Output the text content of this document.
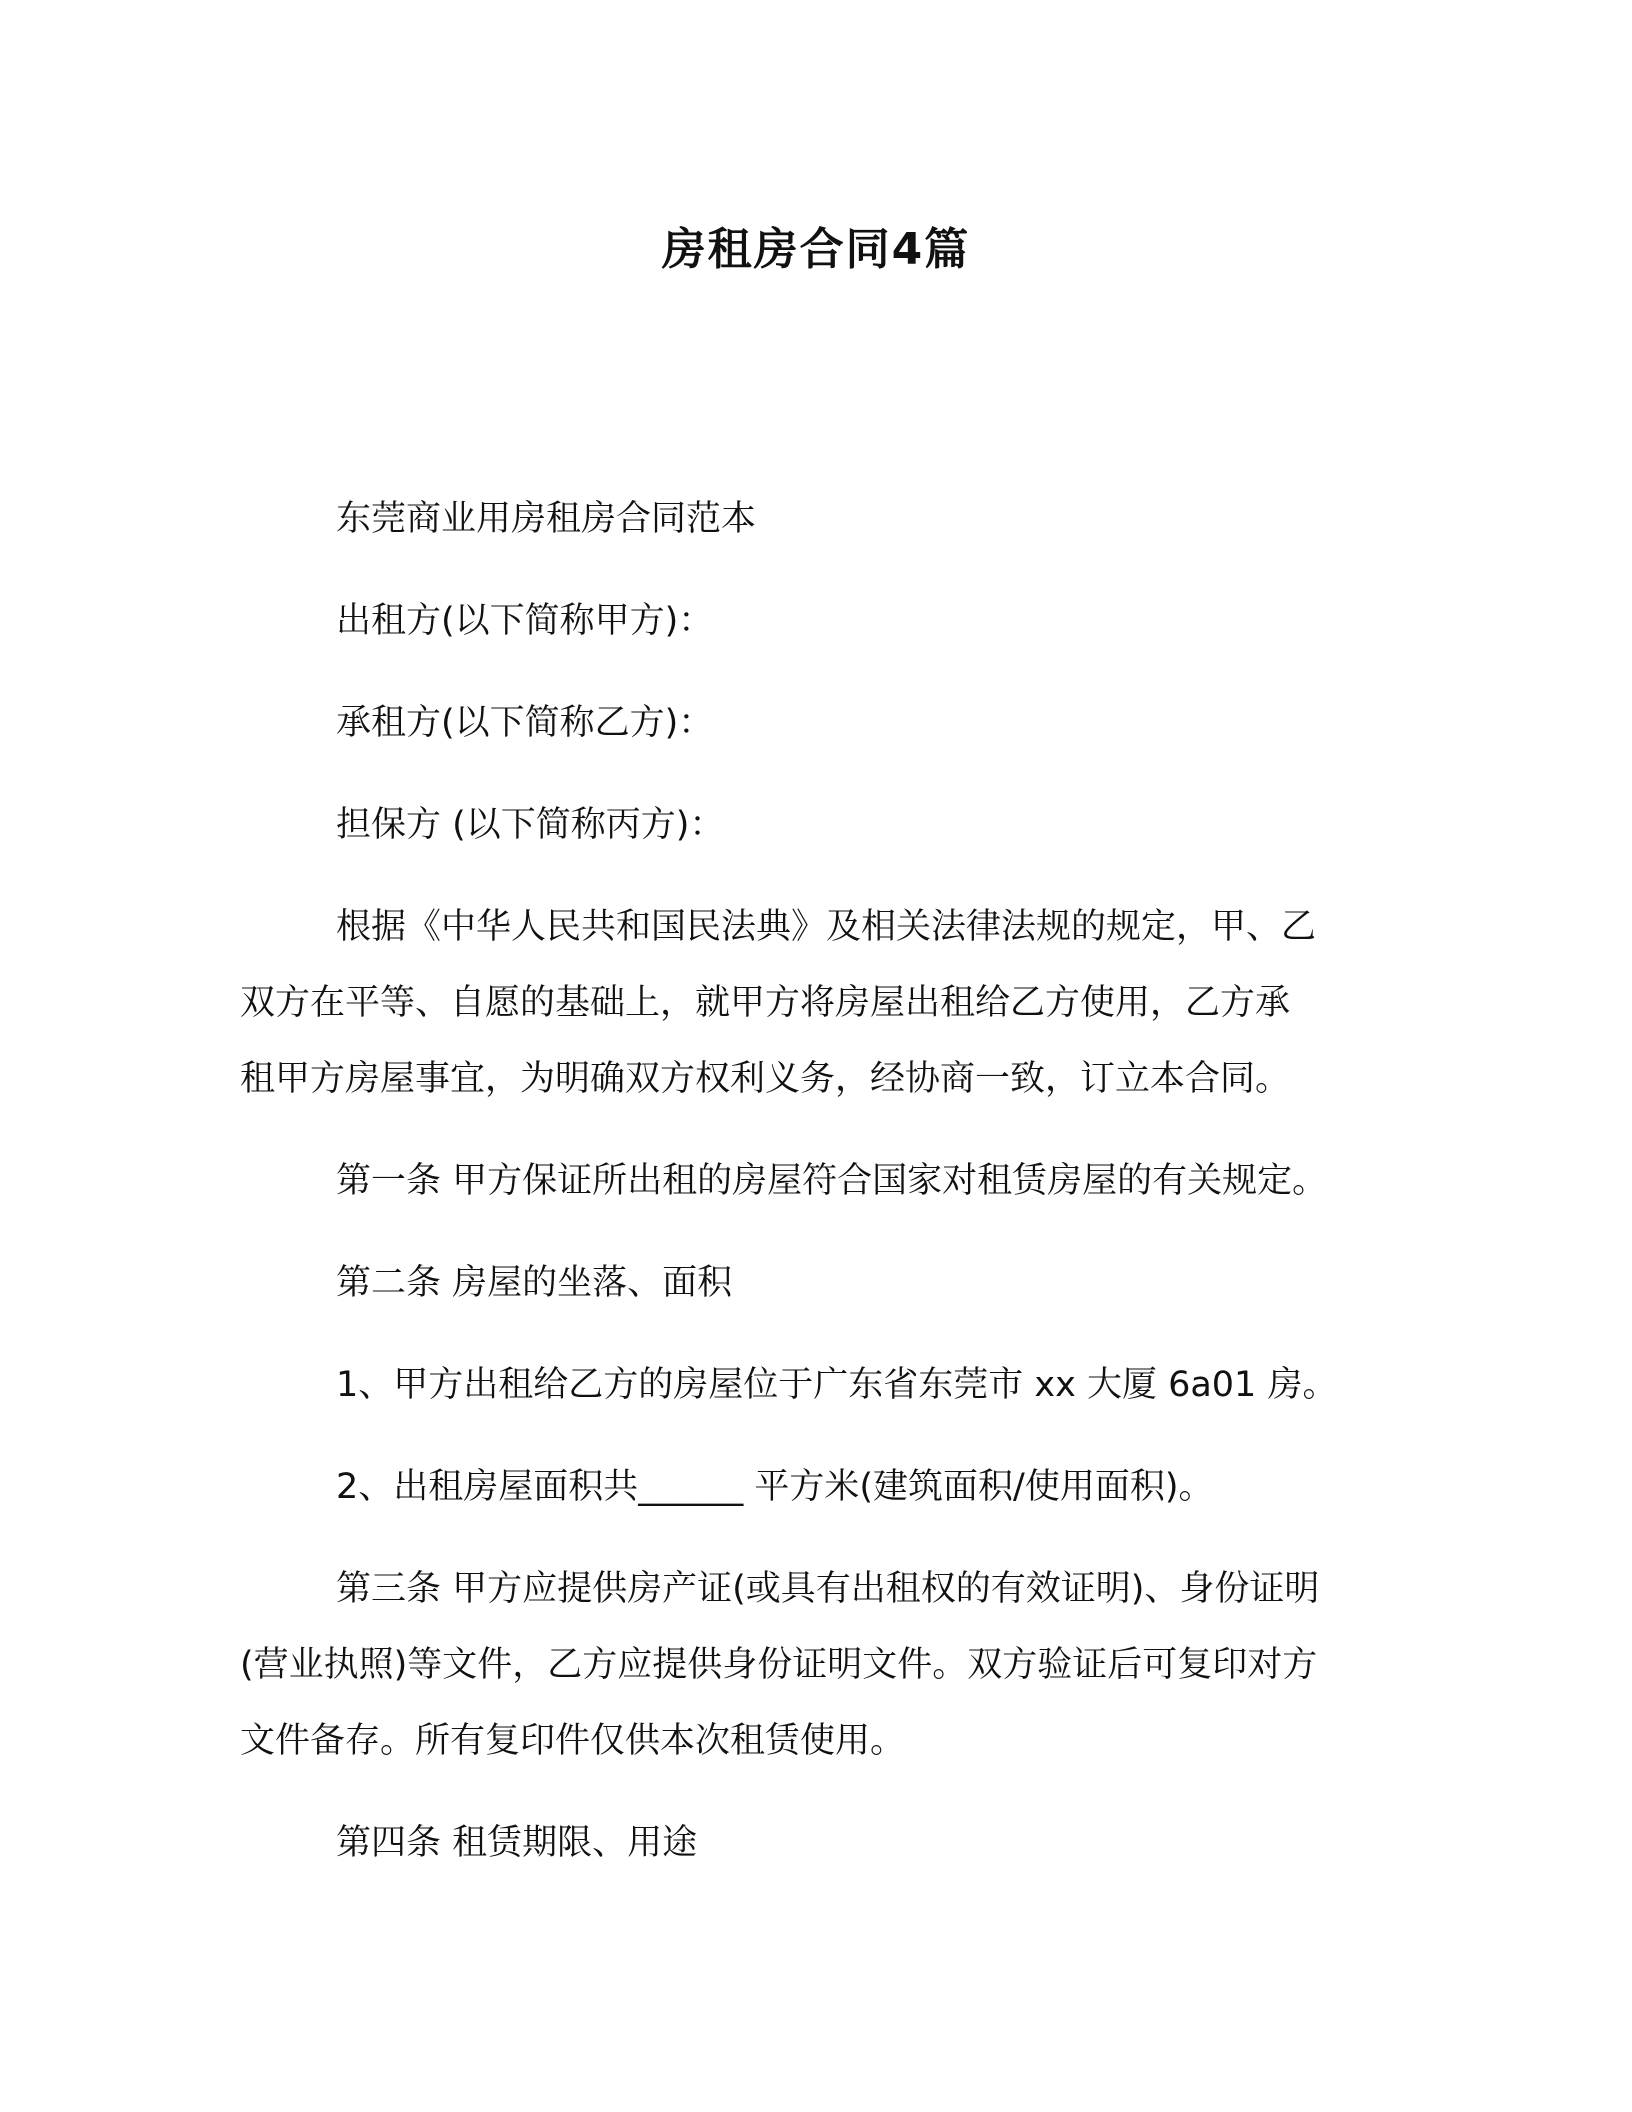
房租房合同4篇

东莞商业用房租房合同范本

出租方(以下简称甲方)：

承租方(以下简称乙方)：

担保方 (以下简称丙方)：

根据《中华人民共和国民法典》及相关法律法规的规定，甲、乙

双方在平等、自愿的基础上，就甲方将房屋出租给乙方使用，乙方承

租甲方房屋事宜，为明确双方权利义务，经协商一致，订立本合同。

第一条 甲方保证所出租的房屋符合国家对租赁房屋的有关规定。

第二条 房屋的坐落、面积

1、甲方出租给乙方的房屋位于广东省东莞市 xx 大厦 6a01 房。

2、出租房屋面积共______ 平方米(建筑面积/使用面积)。

第三条 甲方应提供房产证(或具有出租权的有效证明)、身份证明

(营业执照)等文件，乙方应提供身份证明文件。双方验证后可复印对方

文件备存。所有复印件仅供本次租赁使用。

第四条 租赁期限、用途
